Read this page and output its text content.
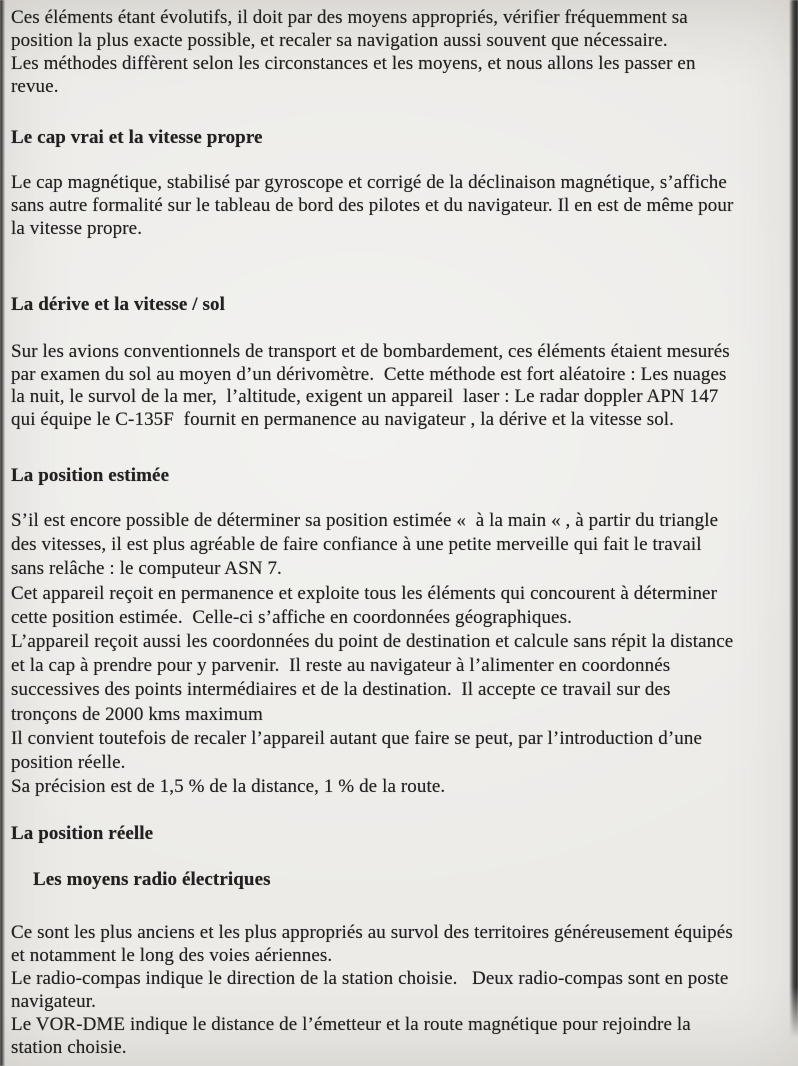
Ces éléments étant évolutifs, il doit par des moyens appropriés, vérifier fréquemment sa
position la plus exacte possible, et recaler sa navigation aussi souvent que nécessaire.
Les méthodes diffèrent selon les circonstances et les moyens, et nous allons les passer en
revue.
Le cap vrai et la vitesse propre
Le cap magnétique, stabilisé par gyroscope et corrigé de la déclinaison magnétique, s’affiche
sans autre formalité sur le tableau de bord des pilotes et du navigateur. Il en est de même pour
la vitesse propre.
La dérive et la vitesse / sol
Sur les avions conventionnels de transport et de bombardement, ces éléments étaient mesurés
par examen du sol au moyen d’un dérivomètre.  Cette méthode est fort aléatoire : Les nuages
la nuit, le survol de la mer,  l’altitude, exigent un appareil  laser : Le radar doppler APN 147
qui équipe le C-135F  fournit en permanence au navigateur , la dérive et la vitesse sol.
La position estimée
S’il est encore possible de déterminer sa position estimée «  à la main « , à partir du triangle
des vitesses, il est plus agréable de faire confiance à une petite merveille qui fait le travail
sans relâche : le computeur ASN 7.
Cet appareil reçoit en permanence et exploite tous les éléments qui concourent à déterminer
cette position estimée.  Celle-ci s’affiche en coordonnées géographiques.
L’appareil reçoit aussi les coordonnées du point de destination et calcule sans répit la distance
et la cap à prendre pour y parvenir.  Il reste au navigateur à l’alimenter en coordonnés
successives des points intermédiaires et de la destination.  Il accepte ce travail sur des
tronçons de 2000 kms maximum
Il convient toutefois de recaler l’appareil autant que faire se peut, par l’introduction d’une
position réelle.
Sa précision est de 1,5 % de la distance, 1 % de la route.
La position réelle
Les moyens radio électriques
Ce sont les plus anciens et les plus appropriés au survol des territoires généreusement équipés
et notamment le long des voies aériennes.
Le radio-compas indique le direction de la station choisie.   Deux radio-compas sont en poste
navigateur.
Le VOR-DME indique le distance de l’émetteur et la route magnétique pour rejoindre la
station choisie.
